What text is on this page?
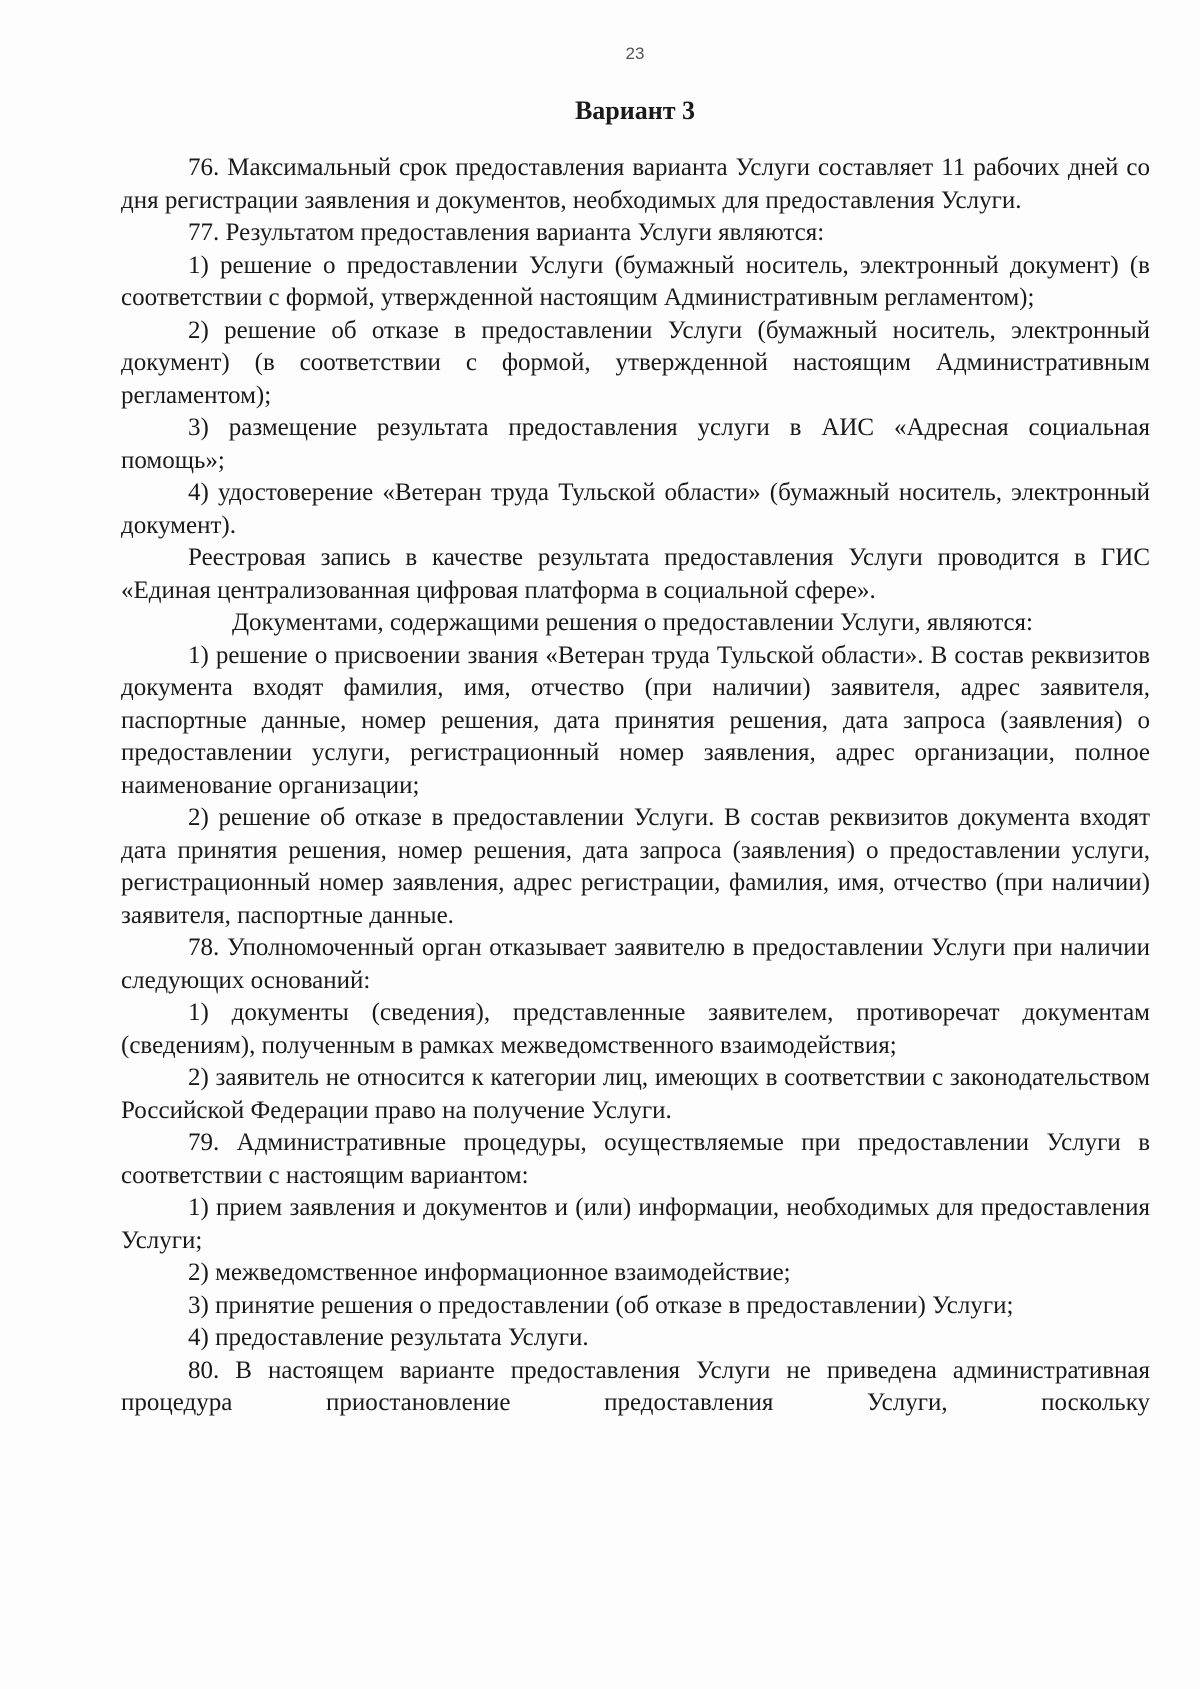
23
Вариант 3

76. Максимальный срок предоставления варианта Услуги составляет 11 рабочих дней со дня регистрации заявления и документов, необходимых для предоставления Услуги.

77. Результатом предоставления варианта Услуги являются:

1) решение о предоставлении Услуги (бумажный носитель, электронный документ) (в соответствии с формой, утвержденной настоящим Административным регламентом);

2) решение об отказе в предоставлении Услуги (бумажный носитель, электронный документ) (в соответствии с формой, утвержденной настоящим Административным регламентом);

3) размещение результата предоставления услуги в АИС «Адресная социальная помощь»;

4) удостоверение «Ветеран труда Тульской области» (бумажный носитель, электронный документ).

Реестровая запись в качестве результата предоставления Услуги проводится в ГИС «Единая централизованная цифровая платформа в социальной сфере».

Документами, содержащими решения о предоставлении Услуги, являются:

1) решение о присвоении звания «Ветеран труда Тульской области». В состав реквизитов документа входят фамилия, имя, отчество (при наличии) заявителя, адрес заявителя, паспортные данные, номер решения, дата принятия решения, дата запроса (заявления) о предоставлении услуги, регистрационный номер заявления, адрес организации, полное наименование организации;

2) решение об отказе в предоставлении Услуги. В состав реквизитов документа входят дата принятия решения, номер решения, дата запроса (заявления) о предоставлении услуги, регистрационный номер заявления, адрес регистрации, фамилия, имя, отчество (при наличии) заявителя, паспортные данные.

78. Уполномоченный орган отказывает заявителю в предоставлении Услуги при наличии следующих оснований:

1) документы (сведения), представленные заявителем, противоречат документам (сведениям), полученным в рамках межведомственного взаимодействия;

2) заявитель не относится к категории лиц, имеющих в соответствии с законодательством Российской Федерации право на получение Услуги.

79. Административные процедуры, осуществляемые при предоставлении Услуги в соответствии с настоящим вариантом:

1) прием заявления и документов и (или) информации, необходимых для предоставления Услуги;

2) межведомственное информационное взаимодействие;

3) принятие решения о предоставлении (об отказе в предоставлении) Услуги;

4) предоставление результата Услуги.

80. В настоящем варианте предоставления Услуги не приведена административная процедура приостановление предоставления Услуги, поскольку
